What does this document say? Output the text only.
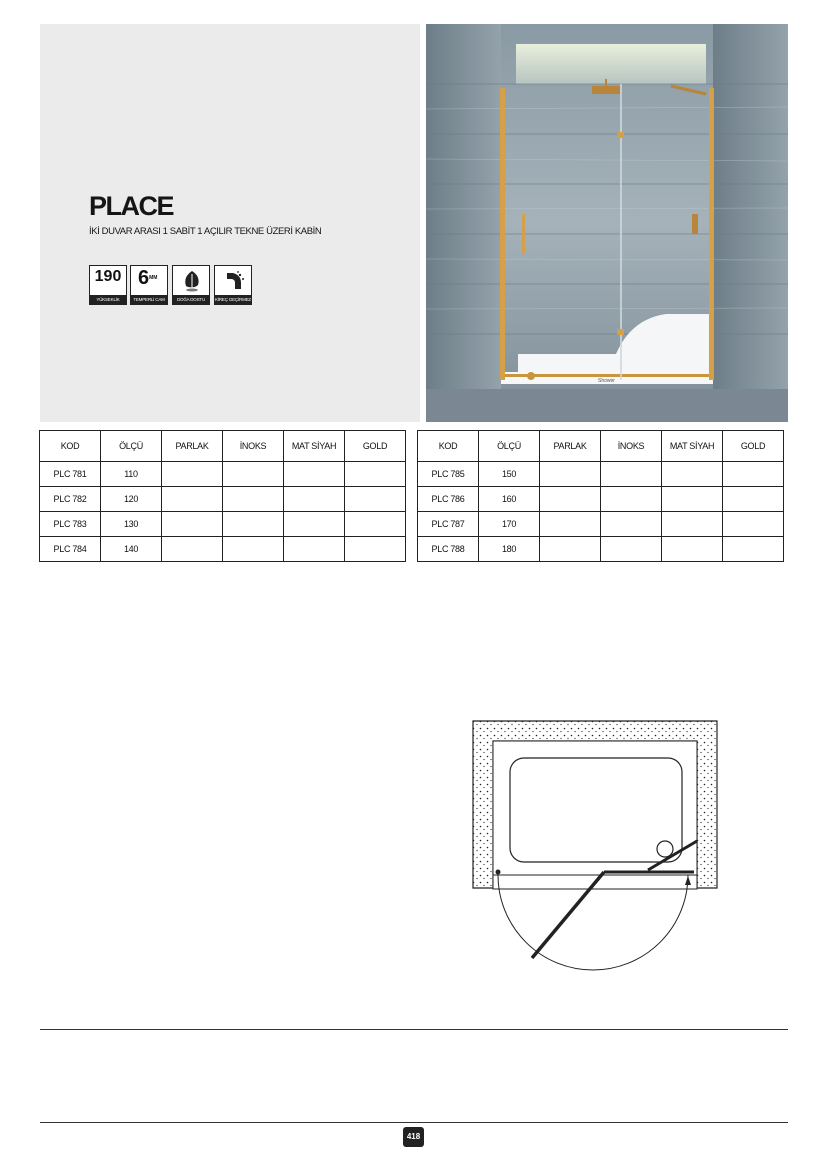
PLACE
İKİ DUVAR ARASI 1 SABİT 1 AÇILIR TEKNE ÜZERİ KABİN
190
YÜKSEKLİK
6MM
TEMPERLİ CAM	DOĞA DOSTU	KİREÇ GEÇİRMEZ
Shower
KOD	ÖLÇÜ	PARLAK	İNOKS	MAT SİYAH	GOLD
PLC 781	110				
PLC 782	120				
PLC 783	130				
PLC 784	140				
KOD	ÖLÇÜ	PARLAK	İNOKS	MAT SİYAH	GOLD
PLC 785	150				
PLC 786	160				
PLC 787	170				
PLC 788	180				
418
